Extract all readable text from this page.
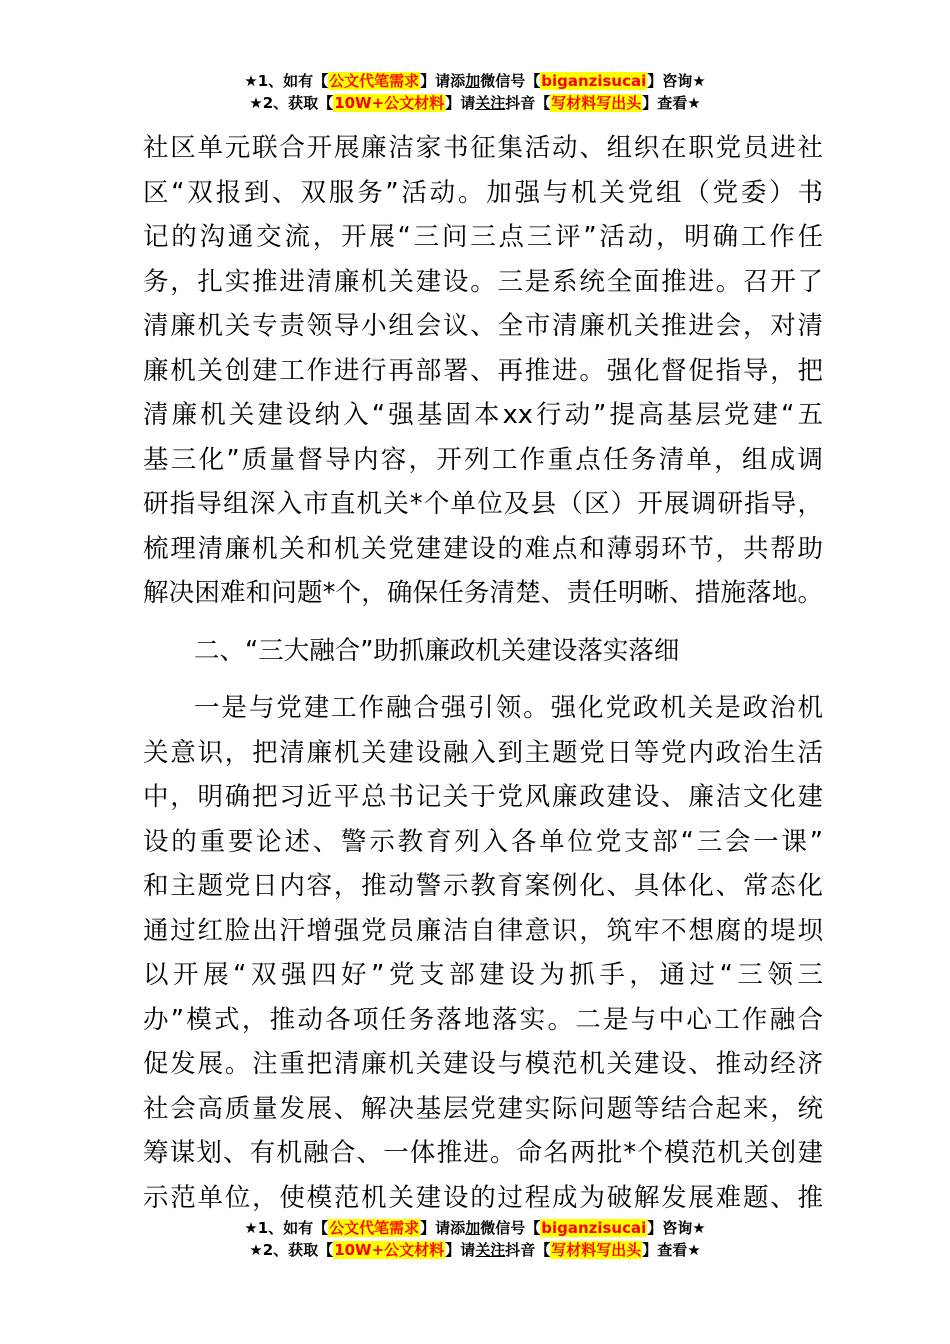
★1、如有【公文代笔需求】请添加微信号【biganzisucai】咨询★
★2、获取【10W+公文材料】请关注抖音【写材料写出头】查看★
社区单元联合开展廉洁家书征集活动、组织在职党员进社
区“双报到、双服务”活动。加强与机关党组（党委）书
记的沟通交流，开展“三问三点三评”活动，明确工作任
务，扎实推进清廉机关建设。三是系统全面推进。召开了
清廉机关专责领导小组会议、全市清廉机关推进会，对清
廉机关创建工作进行再部署、再推进。强化督促指导，把
清廉机关建设纳入“强基固本xx行动”提高基层党建“五
基三化”质量督导内容，开列工作重点任务清单，组成调
研指导组深入市直机关*个单位及县（区）开展调研指导，
梳理清廉机关和机关党建建设的难点和薄弱环节，共帮助
解决困难和问题*个，确保任务清楚、责任明晰、措施落地。
二、“三大融合”助抓廉政机关建设落实落细
一是与党建工作融合强引领。强化党政机关是政治机
关意识，把清廉机关建设融入到主题党日等党内政治生活
中，明确把习近平总书记关于党风廉政建设、廉洁文化建
设的重要论述、警示教育列入各单位党支部“三会一课”
和主题党日内容，推动警示教育案例化、具体化、常态化
通过红脸出汗增强党员廉洁自律意识，筑牢不想腐的堤坝
以开展“双强四好”党支部建设为抓手，通过“三领三
办”模式，推动各项任务落地落实。二是与中心工作融合
促发展。注重把清廉机关建设与模范机关建设、推动经济
社会高质量发展、解决基层党建实际问题等结合起来，统
筹谋划、有机融合、一体推进。命名两批*个模范机关创建
示范单位，使模范机关建设的过程成为破解发展难题、推
★1、如有【公文代笔需求】请添加微信号【biganzisucai】咨询★
★2、获取【10W+公文材料】请关注抖音【写材料写出头】查看★
